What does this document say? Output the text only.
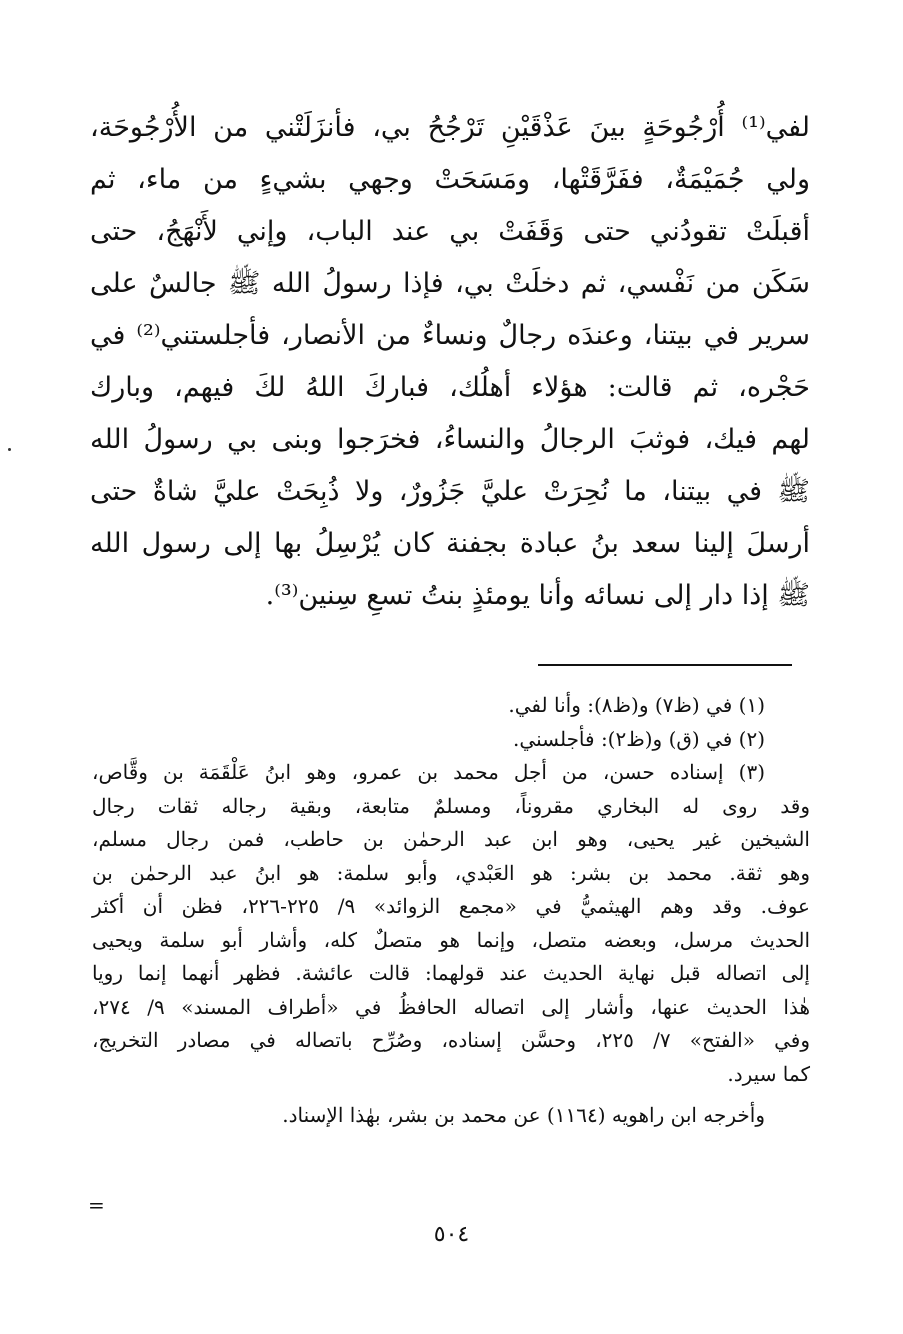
لفي⁽¹⁾ أُرْجُوحَةٍ بينَ عَذْقَيْنِ تَرْجُحُ بي، فأنزَلَتْني من الأُرْجُوحَة،
ولي جُمَيْمَةٌ، ففَرَّقَتْها، ومَسَحَتْ وجهي بشيءٍ من ماء، ثم
أقبلَتْ تقودُني حتى وَقَفَتْ بي عند الباب، وإني لأَنْهَجُ، حتى
سَكَن من نَفْسي، ثم دخلَتْ بي، فإذا رسولُ الله ﷺ جالسٌ على
سرير في بيتنا، وعندَه رجالٌ ونساءٌ من الأنصار، فأجلستني⁽²⁾ في
حَجْره، ثم قالت: هؤلاء أهلُك، فباركَ اللهُ لكَ فيهم، وبارك
لهم فيك، فوثبَ الرجالُ والنساءُ، فخرَجوا وبنى بي رسولُ الله
ﷺ في بيتنا، ما نُحِرَتْ عليَّ جَزُورٌ، ولا ذُبِحَتْ عليَّ شاةٌ حتى
أرسلَ إلينا سعد بنُ عبادة بجفنة كان يُرْسِلُ بها إلى رسول الله
ﷺ إذا دار إلى نسائه وأنا يومئذٍ بنتُ تسعِ سِنين⁽³⁾.
(١) في (ظ٧) و(ظ٨): وأنا لفي.
(٢) في (ق) و(ظ٢): فأجلسني.
(٣) إسناده حسن، من أجل محمد بن عمرو، وهو ابنُ عَلْقَمَة بن وقَّاص،
وقد روى له البخاري مقروناً، ومسلمٌ متابعة، وبقية رجاله ثقات رجال
الشيخين غير يحيى، وهو ابن عبد الرحمٰن بن حاطب، فمن رجال مسلم،
وهو ثقة. محمد بن بشر: هو العَبْدي، وأبو سلمة: هو ابنُ عبد الرحمٰن بن
عوف. وقد وهم الهيثميُّ في «مجمع الزوائد» ٩/ ٢٢٥-٢٢٦، فظن أن أكثر
الحديث مرسل، وبعضه متصل، وإنما هو متصلٌ كله، وأشار أبو سلمة ويحيى
إلى اتصاله قبل نهاية الحديث عند قولهما: قالت عائشة. فظهر أنهما إنما رويا
هٰذا الحديث عنها، وأشار إلى اتصاله الحافظُ في «أطراف المسند» ٩/ ٢٧٤،
وفي «الفتح» ٧/ ٢٢٥، وحسَّن إسناده، وصُرِّح باتصاله في مصادر التخريج،
كما سيرد.
وأخرجه ابن راهويه (١١٦٤) عن محمد بن بشر، بهٰذا الإسناد.
=
٥٠٤
